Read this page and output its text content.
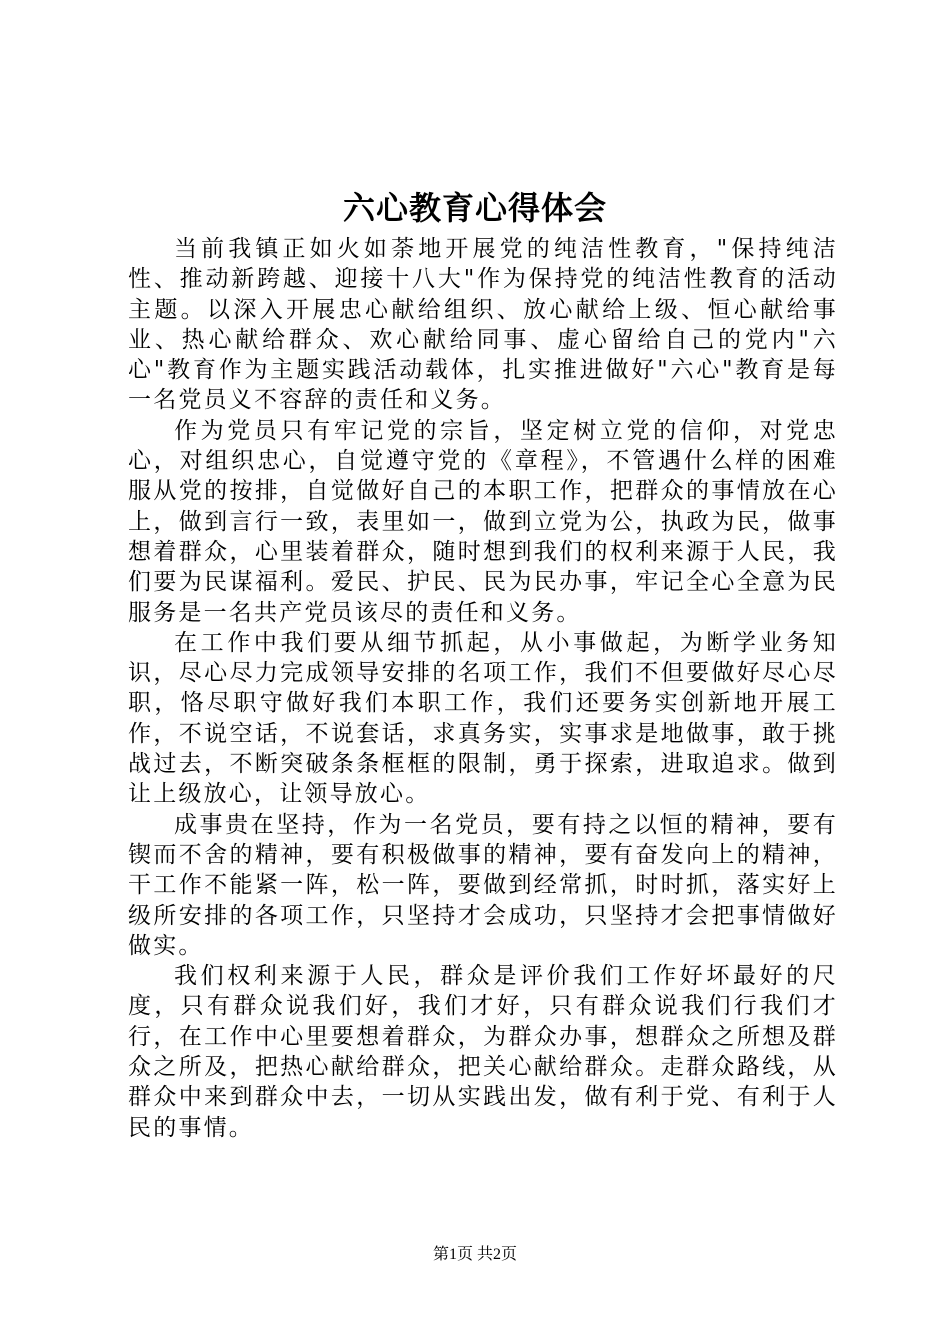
六心教育心得体会

当前我镇正如火如荼地开展党的纯洁性教育，"保持纯洁性、推动新跨越、迎接十八大"作为保持党的纯洁性教育的活动主题。以深入开展忠心献给组织、放心献给上级、恒心献给事业、热心献给群众、欢心献给同事、虚心留给自己的党内"六心"教育作为主题实践活动载体，扎实推进做好"六心"教育是每一名党员义不容辞的责任和义务。

作为党员只有牢记党的宗旨，坚定树立党的信仰，对党忠心，对组织忠心，自觉遵守党的《章程》，不管遇什么样的困难服从党的按排，自觉做好自己的本职工作，把群众的事情放在心上，做到言行一致，表里如一，做到立党为公，执政为民，做事想着群众，心里装着群众，随时想到我们的权利来源于人民，我们要为民谋福利。爱民、护民、民为民办事，牢记全心全意为民服务是一名共产党员该尽的责任和义务。

在工作中我们要从细节抓起，从小事做起，为断学业务知识，尽心尽力完成领导安排的名项工作，我们不但要做好尽心尽职，恪尽职守做好我们本职工作，我们还要务实创新地开展工作，不说空话，不说套话，求真务实，实事求是地做事，敢于挑战过去，不断突破条条框框的限制，勇于探索，进取追求。做到让上级放心，让领导放心。

成事贵在坚持，作为一名党员，要有持之以恒的精神，要有锲而不舍的精神，要有积极做事的精神，要有奋发向上的精神，干工作不能紧一阵，松一阵，要做到经常抓，时时抓，落实好上级所安排的各项工作，只坚持才会成功，只坚持才会把事情做好做实。

我们权利来源于人民，群众是评价我们工作好坏最好的尺度，只有群众说我们好，我们才好，只有群众说我们行我们才行，在工作中心里要想着群众，为群众办事，想群众之所想及群众之所及，把热心献给群众，把关心献给群众。走群众路线，从群众中来到群众中去，一切从实践出发，做有利于党、有利于人民的事情。

第1页 共2页
